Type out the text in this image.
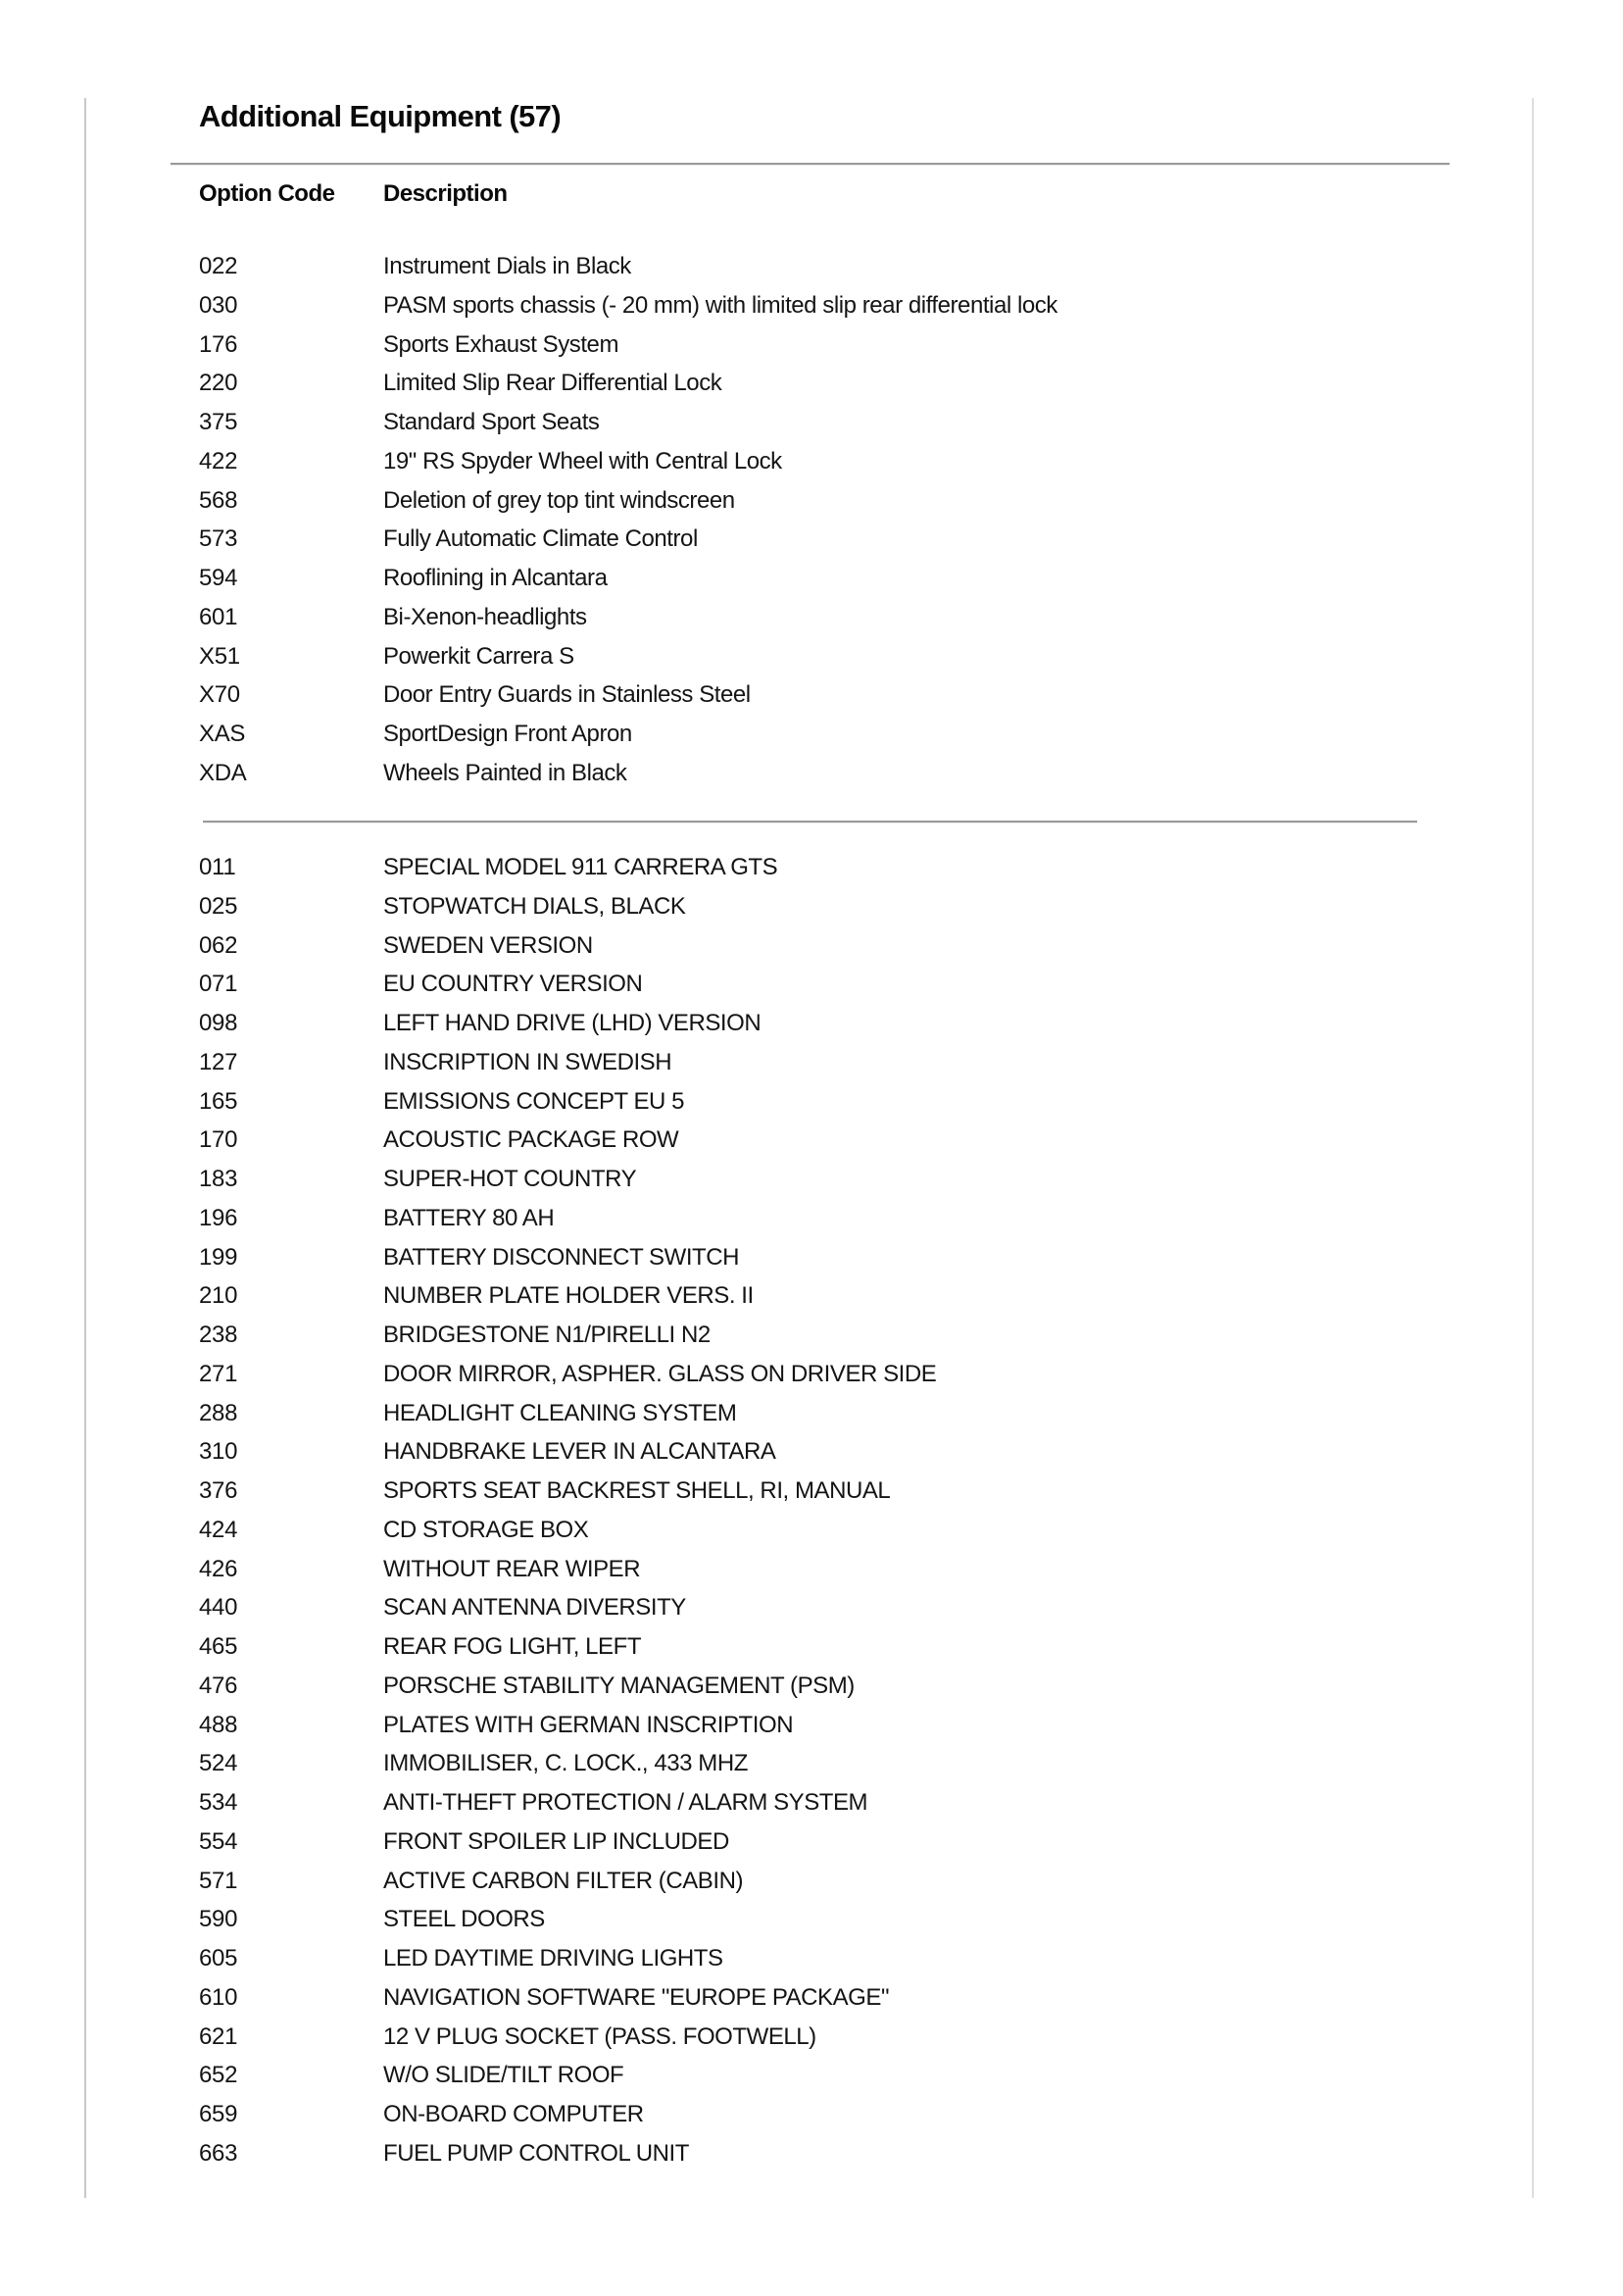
Additional Equipment (57)
Option Code Description
022	Instrument Dials in Black
030	PASM sports chassis (- 20 mm) with limited slip rear differential lock
176	Sports Exhaust System
220	Limited Slip Rear Differential Lock
375	Standard Sport Seats
422	19" RS Spyder Wheel with Central Lock
568	Deletion of grey top tint windscreen
573	Fully Automatic Climate Control
594	Rooflining in Alcantara
601	Bi-Xenon-headlights
X51	Powerkit Carrera S
X70	Door Entry Guards in Stainless Steel
XAS	SportDesign Front Apron
XDA	Wheels Painted in Black
011	SPECIAL MODEL 911 CARRERA GTS
025	STOPWATCH DIALS, BLACK
062	SWEDEN VERSION
071	EU COUNTRY VERSION
098	LEFT HAND DRIVE (LHD) VERSION
127	INSCRIPTION IN SWEDISH
165	EMISSIONS CONCEPT EU 5
170	ACOUSTIC PACKAGE ROW
183	SUPER-HOT COUNTRY
196	BATTERY 80 AH
199	BATTERY DISCONNECT SWITCH
210	NUMBER PLATE HOLDER VERS. II
238	BRIDGESTONE N1/PIRELLI N2
271	DOOR MIRROR, ASPHER. GLASS ON DRIVER SIDE
288	HEADLIGHT CLEANING SYSTEM
310	HANDBRAKE LEVER IN ALCANTARA
376	SPORTS SEAT BACKREST SHELL, RI, MANUAL
424	CD STORAGE BOX
426	WITHOUT REAR WIPER
440	SCAN ANTENNA DIVERSITY
465	REAR FOG LIGHT, LEFT
476	PORSCHE STABILITY MANAGEMENT (PSM)
488	PLATES WITH GERMAN INSCRIPTION
524	IMMOBILISER, C. LOCK., 433 MHZ
534	ANTI-THEFT PROTECTION / ALARM SYSTEM
554	FRONT SPOILER LIP INCLUDED
571	ACTIVE CARBON FILTER (CABIN)
590	STEEL DOORS
605	LED DAYTIME DRIVING LIGHTS
610	NAVIGATION SOFTWARE "EUROPE PACKAGE"
621	12 V PLUG SOCKET (PASS. FOOTWELL)
652	W/O SLIDE/TILT ROOF
659	ON-BOARD COMPUTER
663	FUEL PUMP CONTROL UNIT
